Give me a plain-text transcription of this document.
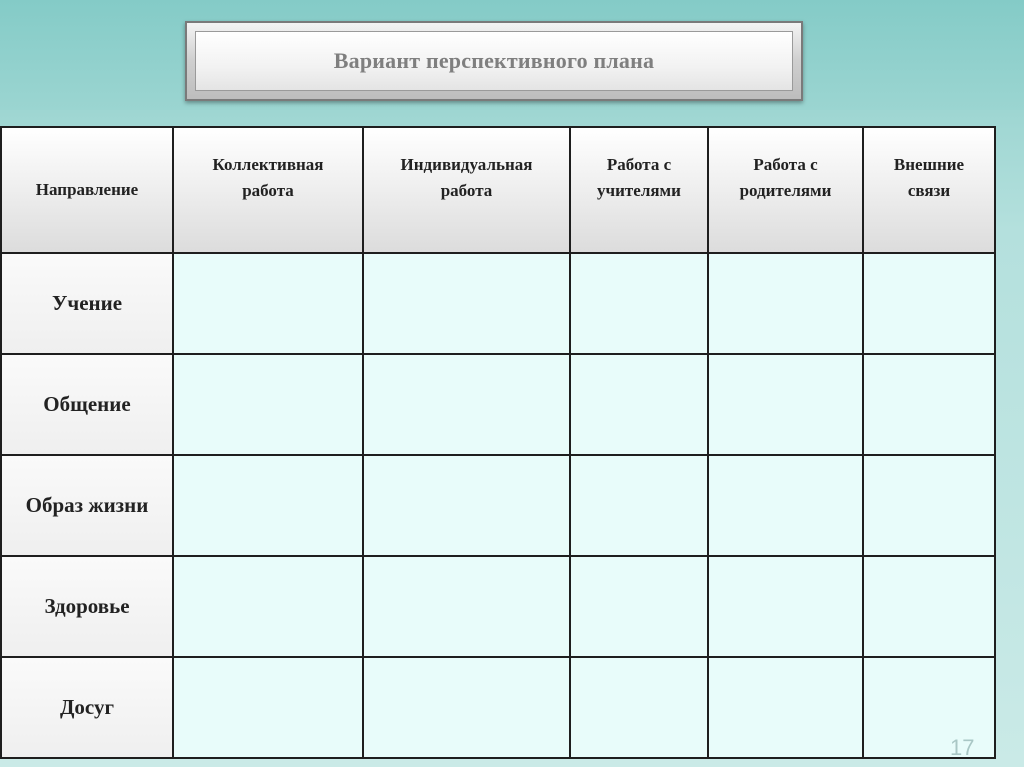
Вариант перспективного плана
Направление	Коллективная работа	Индивидуальная работа	Работа с учителями	Работа с родителями	Внешние связи

Учение					
Общение					
Образ жизни					
Здоровье					
Досуг					
17
